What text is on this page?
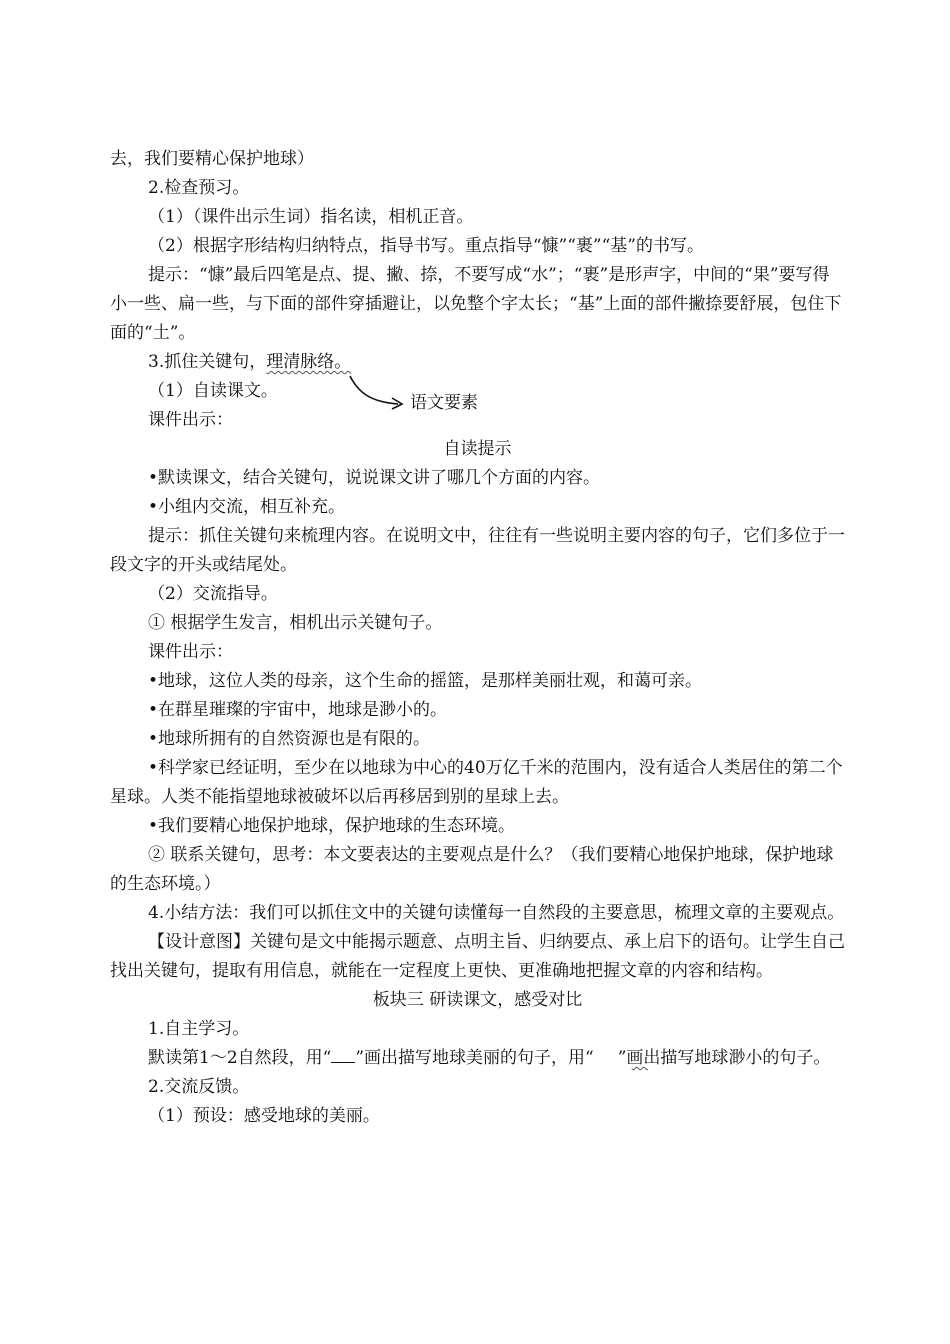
去，我们要精心保护地球）

2.检查预习。

（1）（课件出示生词）指名读，相机正音。

（2）根据字形结构归纳特点，指导书写。重点指导“慷”“裹”“基”的书写。

提示：“慷”最后四笔是点、提、撇、捺，不要写成“水”；“裹”是形声字，中间的“果”要写得小一些、扁一些，与下面的部件穿插避让，以免整个字太长；“基”上面的部件撇捺要舒展，包住下面的“土”。

3.抓住关键句，理清脉络。

（1）自读课文。

课件出示：

自读提示

•默读课文，结合关键句，说说课文讲了哪几个方面的内容。

•小组内交流，相互补充。

提示：抓住关键句来梳理内容。在说明文中，往往有一些说明主要内容的句子，它们多位于一段文字的开头或结尾处。

（2）交流指导。

① 根据学生发言，相机出示关键句子。

课件出示：

•地球，这位人类的母亲，这个生命的摇篮，是那样美丽壮观，和蔼可亲。

•在群星璀璨的宇宙中，地球是渺小的。

•地球所拥有的自然资源也是有限的。

•科学家已经证明，至少在以地球为中心的40万亿千米的范围内，没有适合人类居住的第二个星球。人类不能指望地球被破坏以后再移居到别的星球上去。

•我们要精心地保护地球，保护地球的生态环境。

② 联系关键句，思考：本文要表达的主要观点是什么？（我们要精心地保护地球，保护地球的生态环境。）

4.小结方法：我们可以抓住文中的关键句读懂每一自然段的主要意思，梳理文章的主要观点。

【设计意图】关键句是文中能揭示题意、点明主旨、归纳要点、承上启下的语句。让学生自己找出关键句，提取有用信息，就能在一定程度上更快、更准确地把握文章的内容和结构。

板块三 研读课文，感受对比

1.自主学习。

默读第1～2自然段，用“ ”画出描写地球美丽的句子，用“ ”画出描写地球渺小的句子。

2.交流反馈。

（1）预设：感受地球的美丽。

语文要素
